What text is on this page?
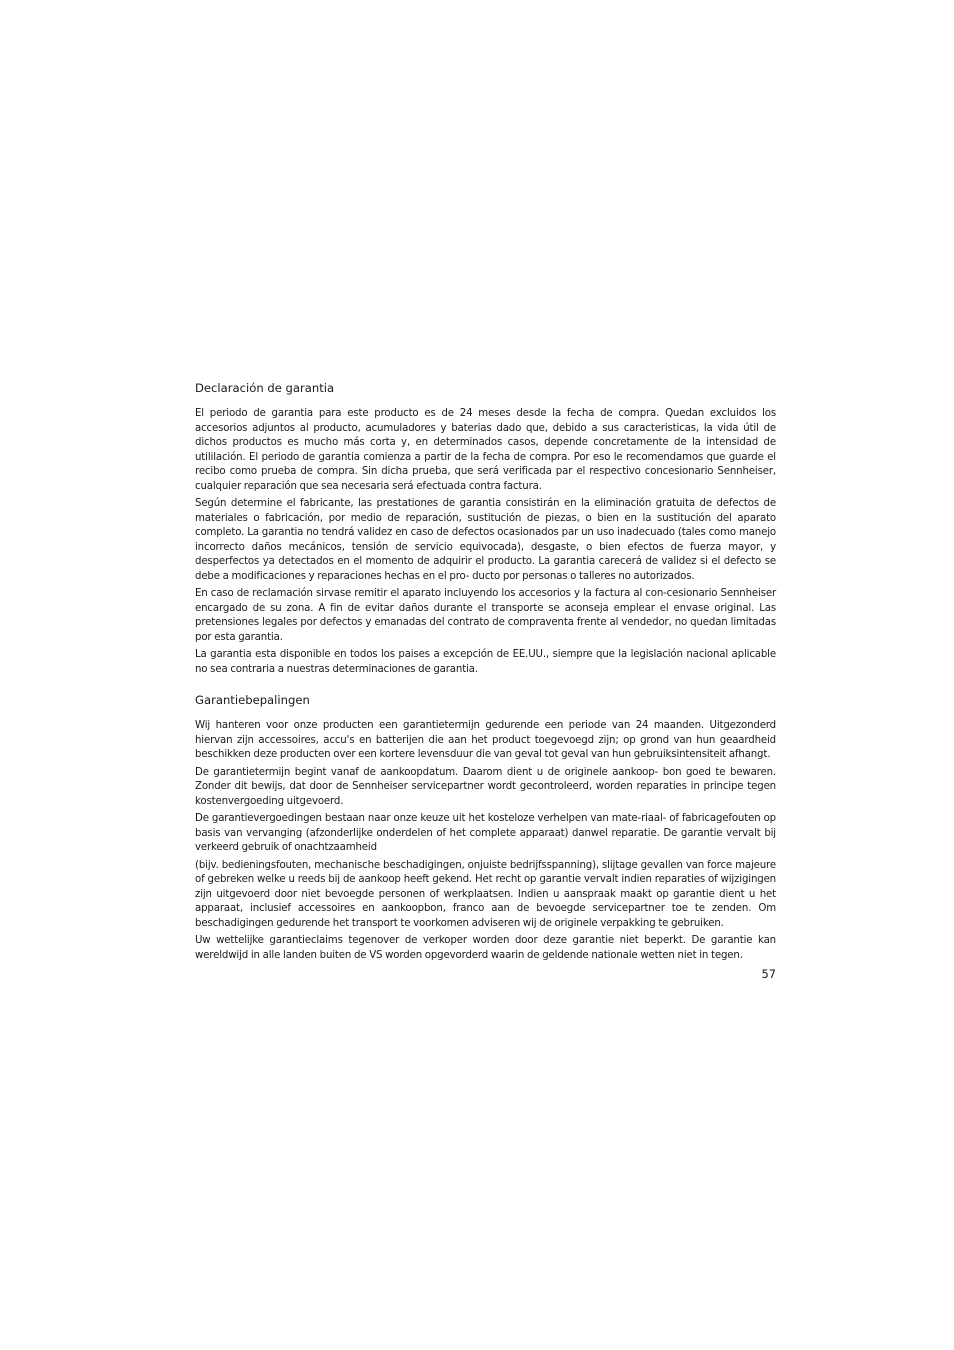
Declaración de garantia

El periodo de garantia para este producto es de 24 meses desde la fecha de compra. Quedan excluidos los accesorios adjuntos al producto, acumuladores y baterias dado que, debido a sus caracteristicas, la vida útil de dichos productos es mucho más corta y, en determinados casos, depende concretamente de la intensidad de utililación. El periodo de garantia comienza a partir de la fecha de compra. Por eso le recomendamos que guarde el recibo como prueba de compra. Sin dicha prueba, que será verificada par el respectivo concesionario Sennheiser, cualquier reparación que sea necesaria será efectuada contra factura.

Según determine el fabricante, las prestationes de garantia consistirán en la eliminación gratuita de defectos de materiales o fabricación, por medio de reparación, sustitución de piezas, o bien en la sustitución del aparato completo. La garantia no tendrá validez en caso de defectos ocasionados par un uso inadecuado (tales como manejo incorrecto daños mecánicos, tensión de servicio equivocada), desgaste, o bien efectos de fuerza mayor, y desperfectos ya detectados en el momento de adquirir el producto. La garantia carecerá de validez si el defecto se debe a modificaciones y reparaciones hechas en el pro- ducto por personas o talleres no autorizados.

En caso de reclamación sirvase remitir el aparato incluyendo los accesorios y la factura al con-cesionario Sennheiser encargado de su zona. A fin de evitar daños durante el transporte se aconseja emplear el envase original. Las pretensiones legales por defectos y emanadas del contrato de compraventa frente al vendedor, no quedan limitadas por esta garantia.

La garantia esta disponible en todos los paises a excepción de EE.UU., siempre que la legislación nacional aplicable no sea contraria a nuestras determinaciones de garantia.

Garantiebepalingen

Wij hanteren voor onze producten een garantietermijn gedurende een periode van 24 maanden. Uitgezonderd hiervan zijn accessoires, accu's en batterijen die aan het product toegevoegd zijn; op grond van hun geaardheid beschikken deze producten over een kortere levensduur die van geval tot geval van hun gebruiksintensiteit afhangt.

De garantietermijn begint vanaf de aankoopdatum. Daarom dient u de originele aankoop- bon goed te bewaren. Zonder dit bewijs, dat door de Sennheiser servicepartner wordt gecontroleerd, worden reparaties in principe tegen kostenvergoeding uitgevoerd.

De garantievergoedingen bestaan naar onze keuze uit het kosteloze verhelpen van mate-riaal- of fabricagefouten op basis van vervanging (afzonderlijke onderdelen of het complete apparaat) danwel reparatie. De garantie vervalt bij verkeerd gebruik of onachtzaamheid

(bijv. bedieningsfouten, mechanische beschadigingen, onjuiste bedrijfsspanning), slijtage gevallen van force majeure of gebreken welke u reeds bij de aankoop heeft gekend. Het recht op garantie vervalt indien reparaties of wijzigingen zijn uitgevoerd door niet bevoegde personen of werkplaatsen. Indien u aanspraak maakt op garantie dient u het apparaat, inclusief accessoires en aankoopbon, franco aan de bevoegde servicepartner toe te zenden. Om beschadigingen gedurende het transport te voorkomen adviseren wij de originele verpakking te gebruiken.

Uw wettelijke garantieclaims tegenover de verkoper worden door deze garantie niet beperkt. De garantie kan wereldwijd in alle landen buiten de VS worden opgevorderd waarin de geldende nationale wetten niet in tegen.

57
